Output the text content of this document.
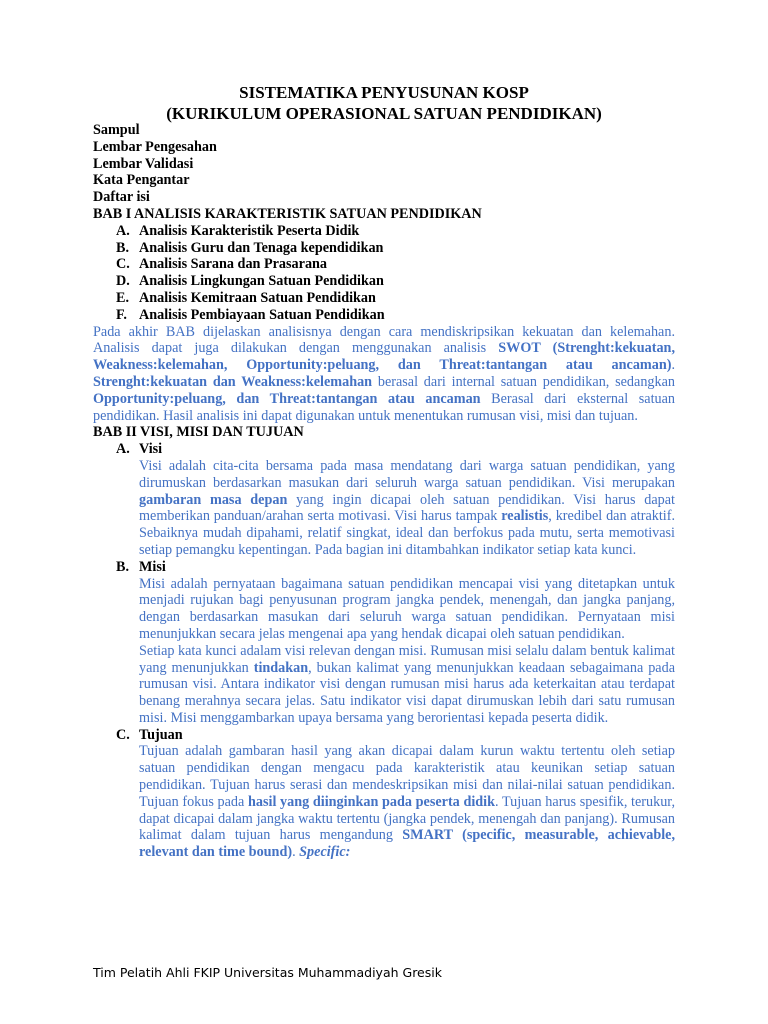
SISTEMATIKA PENYUSUNAN KOSP
(KURIKULUM OPERASIONAL SATUAN PENDIDIKAN)
Sampul
Lembar Pengesahan
Lembar Validasi
Kata Pengantar
Daftar isi
BAB I ANALISIS KARAKTERISTIK SATUAN PENDIDIKAN
A. Analisis Karakteristik Peserta Didik
B. Analisis Guru dan Tenaga kependidikan
C. Analisis Sarana dan Prasarana
D. Analisis Lingkungan Satuan Pendidikan
E. Analisis Kemitraan Satuan Pendidikan
F. Analisis Pembiayaan Satuan Pendidikan
Pada akhir BAB dijelaskan analisisnya dengan cara mendiskripsikan kekuatan dan kelemahan. Analisis dapat juga dilakukan dengan menggunakan analisis SWOT (Strenght:kekuatan, Weakness:kelemahan, Opportunity:peluang, dan Threat:tantangan atau ancaman). Strenght:kekuatan dan Weakness:kelemahan berasal dari internal satuan pendidikan, sedangkan Opportunity:peluang, dan Threat:tantangan atau ancaman Berasal dari eksternal satuan pendidikan. Hasil analisis ini dapat digunakan untuk menentukan rumusan visi, misi dan tujuan.
BAB II VISI, MISI DAN TUJUAN
A. Visi
Visi adalah cita-cita bersama pada masa mendatang dari warga satuan pendidikan, yang dirumuskan berdasarkan masukan dari seluruh warga satuan pendidikan. Visi merupakan gambaran masa depan yang ingin dicapai oleh satuan pendidikan. Visi harus dapat memberikan panduan/arahan serta motivasi. Visi harus tampak realistis, kredibel dan atraktif. Sebaiknya mudah dipahami, relatif singkat, ideal dan berfokus pada mutu, serta memotivasi setiap pemangku kepentingan. Pada bagian ini ditambahkan indikator setiap kata kunci.
B. Misi
Misi adalah pernyataan bagaimana satuan pendidikan mencapai visi yang ditetapkan untuk menjadi rujukan bagi penyusunan program jangka pendek, menengah, dan jangka panjang, dengan berdasarkan masukan dari seluruh warga satuan pendidikan. Pernyataan misi menunjukkan secara jelas mengenai apa yang hendak dicapai oleh satuan pendidikan.
Setiap kata kunci adalam visi relevan dengan misi. Rumusan misi selalu dalam bentuk kalimat yang menunjukkan tindakan, bukan kalimat yang menunjukkan keadaan sebagaimana pada rumusan visi. Antara indikator visi dengan rumusan misi harus ada keterkaitan atau terdapat benang merahnya secara jelas. Satu indikator visi dapat dirumuskan lebih dari satu rumusan misi. Misi menggambarkan upaya bersama yang berorientasi kepada peserta didik.
C. Tujuan
Tujuan adalah gambaran hasil yang akan dicapai dalam kurun waktu tertentu oleh setiap satuan pendidikan dengan mengacu pada karakteristik atau keunikan setiap satuan pendidikan. Tujuan harus serasi dan mendeskripsikan misi dan nilai-nilai satuan pendidikan. Tujuan fokus pada hasil yang diinginkan pada peserta didik. Tujuan harus spesifik, terukur, dapat dicapai dalam jangka waktu tertentu (jangka pendek, menengah dan panjang). Rumusan kalimat dalam tujuan harus mengandung SMART (specific, measurable, achievable, relevant dan time bound). Specific:
Tim Pelatih Ahli FKIP Universitas Muhammadiyah Gresik
